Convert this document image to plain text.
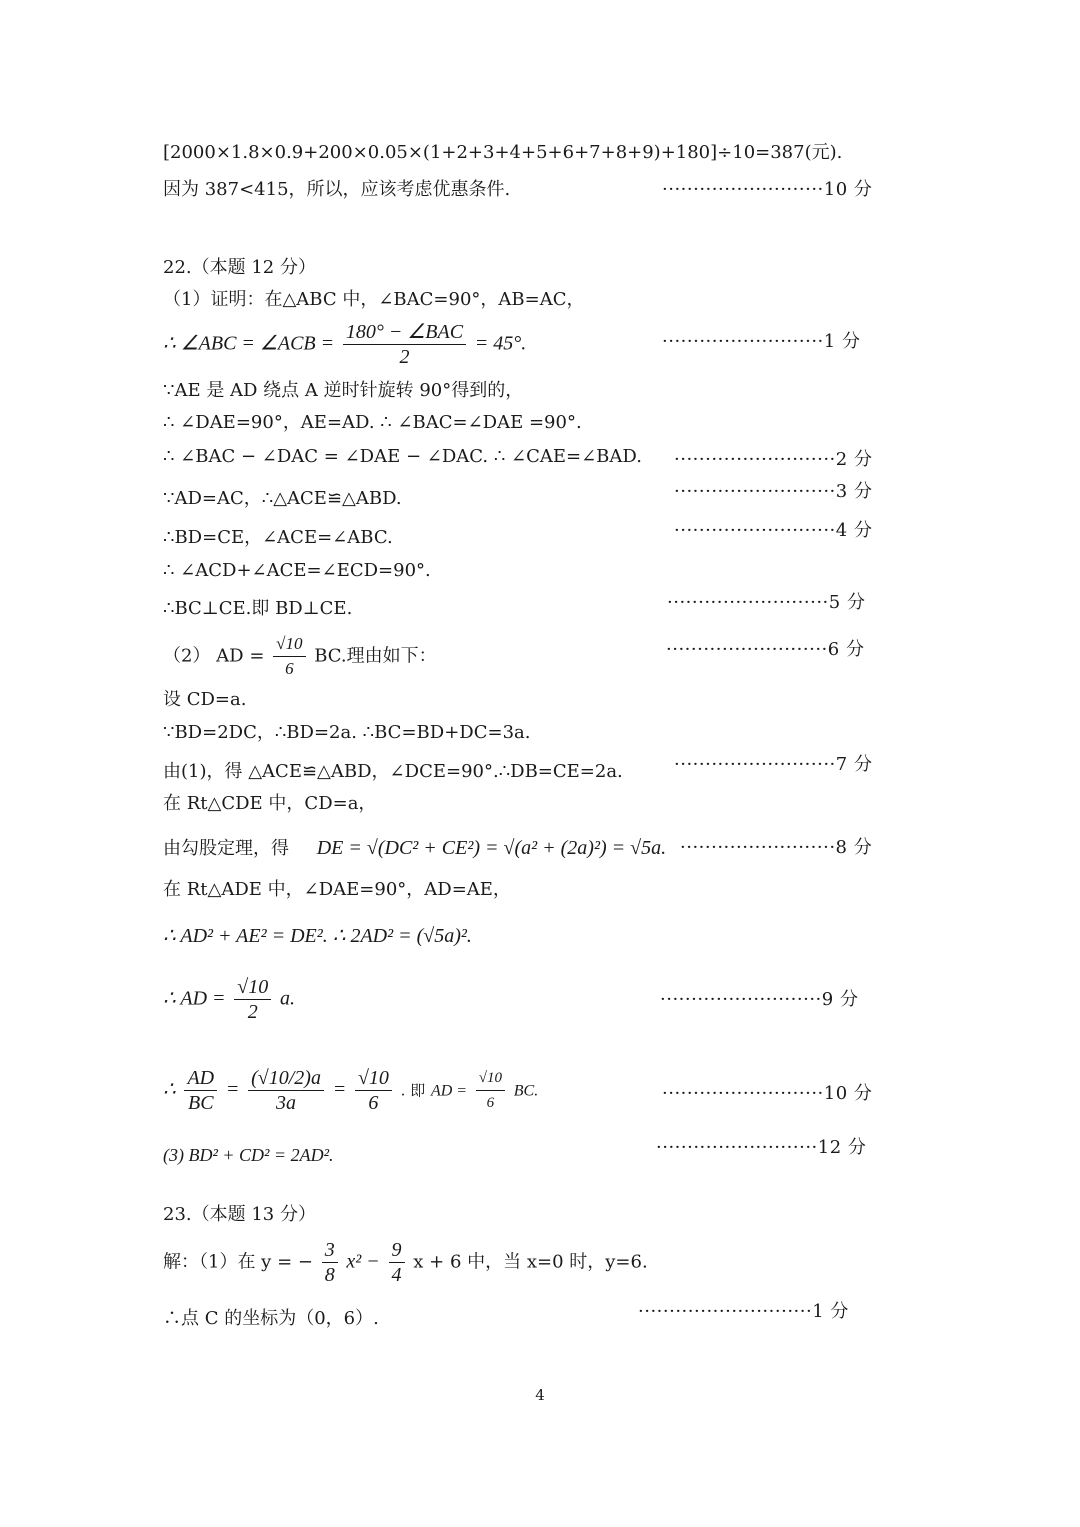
[2000×1.8×0.9+200×0.05×(1+2+3+4+5+6+7+8+9)+180]÷10=387(元).
因为 387<415，所以，应该考虑优惠条件.	··························10 分
22.（本题 12 分）
（1）证明：在△ABC 中，∠BAC=90°，AB=AC，
∴ ∠ABC = ∠ACB = $\frac{\text{180° − ∠BAC}}{2} = 45^\circ$.	··························1 分
∵AE 是 AD 绕点 A 逆时针旋转 90°得到的，
∴ ∠DAE=90°，AE=AD. ∴ ∠BAC=∠DAE =90°.
∴ ∠BAC − ∠DAC = ∠DAE − ∠DAC. ∴ ∠CAE=∠BAD. ··························2 分
∵AD=AC，∴△ACE≌△ABD.	··························3 分
∴BD=CE，∠ACE=∠ABC.	··························4 分
∴ ∠ACD+∠ACE=∠ECD=90°.
∴BC⊥CE.即 BD⊥CE.	··························5 分
（2） AD = $\frac{√10}{6}$ BC.理由如下：	··························6 分
设 CD=a.
∵BD=2DC，∴BD=2a. ∴BC=BD+DC=3a.
由(1)，得 △ACE≌△ABD，∠DCE=90°.∴DB=CE=2a.	··························7 分
在 Rt△CDE 中，CD=a，
由勾股定理，得 DE = √(DC² + CE²) = √(a² + (2a)²) = √5a. ·························8 分
在 Rt△ADE 中，∠DAE=90°，AD=AE，
∴ AD² + AE² = DE². ∴ 2AD² = (√5a)².
∴ AD = $\frac{√10}{2} a$.	··························9 分
∴ $\frac{AD}{BC} = \frac{(√10/2)a}{3a} = \frac{√10}{6}$ . 即 AD = $\frac{√10}{6}$ BC.	··························10 分
(3) BD² + CD² = 2AD².	··························12 分
23.（本题 13 分）
解：（1）在 y = − $\frac{3}{8} x^2 - \frac{9}{4}$ x + 6 中，当 x=0 时，y=6.
∴点 C 的坐标为（0，6）.	····························1 分
4
